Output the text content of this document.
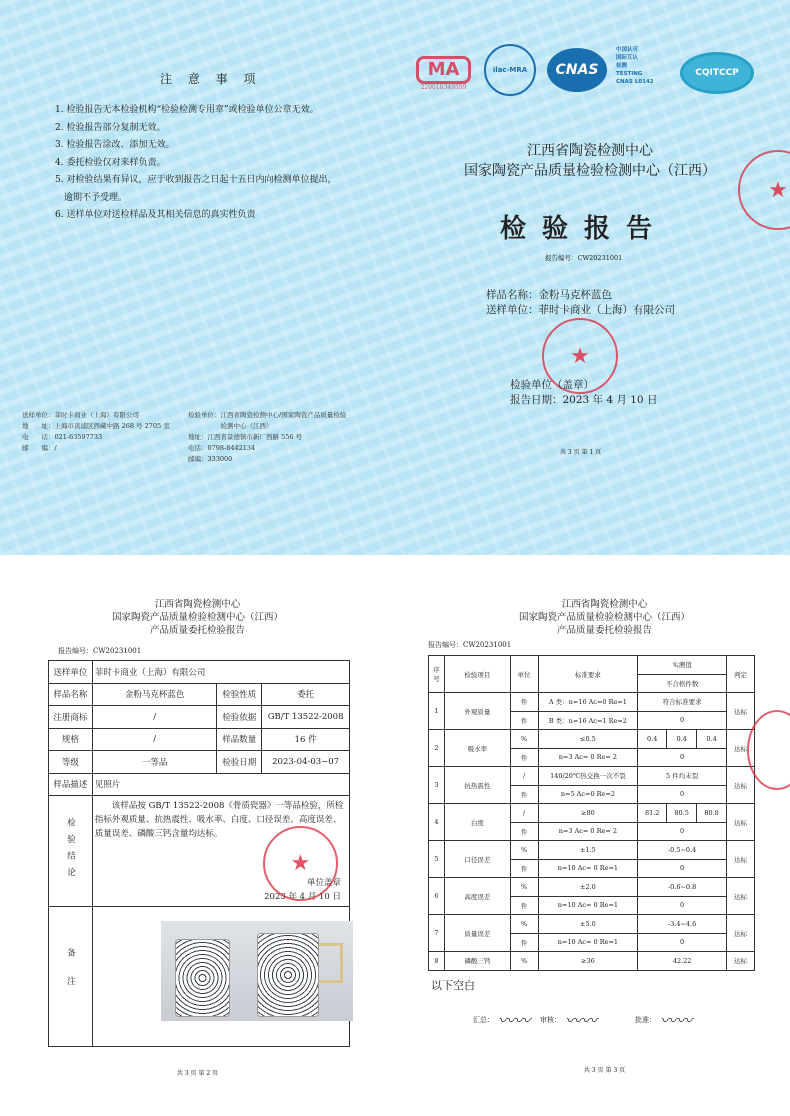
注 意 事 项
1. 检验报告无本检验机构“检验检测专用章”或检验单位公章无效。
2. 检验报告部分复制无效。
3. 检验报告涂改、添加无效。
4. 委托检验仅对来样负责。
5. 对检验结果有异议，应于收到报告之日起十五日内向检测单位提出，
　逾期不予受理。
6. 送样单位对送检样品及其相关信息的真实性负责
送样单位：菲时卡商业（上海）有限公司
地　　址：上海市黄浦区西藏中路 268 号 2705 室
电　　话：021-63597733
邮　　编：/
检验单位：江西省陶瓷检测中心/国家陶瓷产品质量检验
　　　　　检测中心（江西）
地址：江西省景德镇市新厂西路 556 号
电话：0798-8442134
邮编：333000
MA
220010349559
ilac-MRA	CNAS
中国认可
国际互认
检测
TESTING
CNAS L0142
CQITCCP
江西省陶瓷检测中心
国家陶瓷产品质量检验检测中心（江西）
检验报告
报告编号：CW20231001
样品名称：金粉马克杯蓝色
送样单位：菲时卡商业（上海）有限公司
★
检验单位（盖章）
报告日期：2023 年 4 月 10 日
★
共 3 页 第 1 页
江西省陶瓷检测中心
国家陶瓷产品质量检验检测中心（江西）
产品质量委托检验报告
报告编号：CW20231001
送样单位	菲时卡商业（上海）有限公司		
样品名称	金粉马克杯蓝色	检验性质	委托
注册商标	/	检验依据	GB/T 13522-2008
规格	/	样品数量	16 件
等级	一等品	检验日期	2023-04-03~07
样品描述	见照片		
检验结论	该样品按 GB/T 13522-2008《骨质瓷器》一等品检验，所检指标外观质量、抗热震性、吸水率、白度、口径误差、高度误差、质量误差、磷酸三钙含量均达标。
单位盖章
2023 年 4 月 10 日
★		

备注			
共 3 页 第 2 页
江西省陶瓷检测中心
国家陶瓷产品质量检验检测中心（江西）
产品质量委托检验报告
报告编号：CW20231001
序号	检验项目	单位	标准要求	实测值			判定
				不合格件数			
1	外观质量	件	A 类：n=16 Ac=0 Re=1	符合标准要求			达标
		件	B 类：n=16 Ac=1 Re=2	0			
2	吸水率	%	≤0.5	0.4	0.4	0.4	达标
		件	n=3 Ac= 0 Re= 2	0			
3	抗热震性	/	140/20℃热交换一次不裂	5 件均未裂			达标
		件	n=5 Ac=0 Re=2	0			
4	白度	/	≥80	81.2	80.5	80.8	达标
		件	n=3 Ac= 0 Re= 2	0			
5	口径误差	%	±1.5	-0.5~0.4			达标
		件	n=10 Ac= 0 Re=1	0			
6	高度误差	%	±2.0	-0.6~0.8			达标
		件	n=10 Ac= 0 Re=1	0			
7	质量误差	%	±5.0	-3.4~4.6			达标
		件	n=10 Ac= 0 Re=1	0			
8	磷酸三钙	%	≥36	42.22			达标
以下空白
汇总： 〰〰 审核： 〰〰	批准： 〰〰
共 3 页 第 3 页
